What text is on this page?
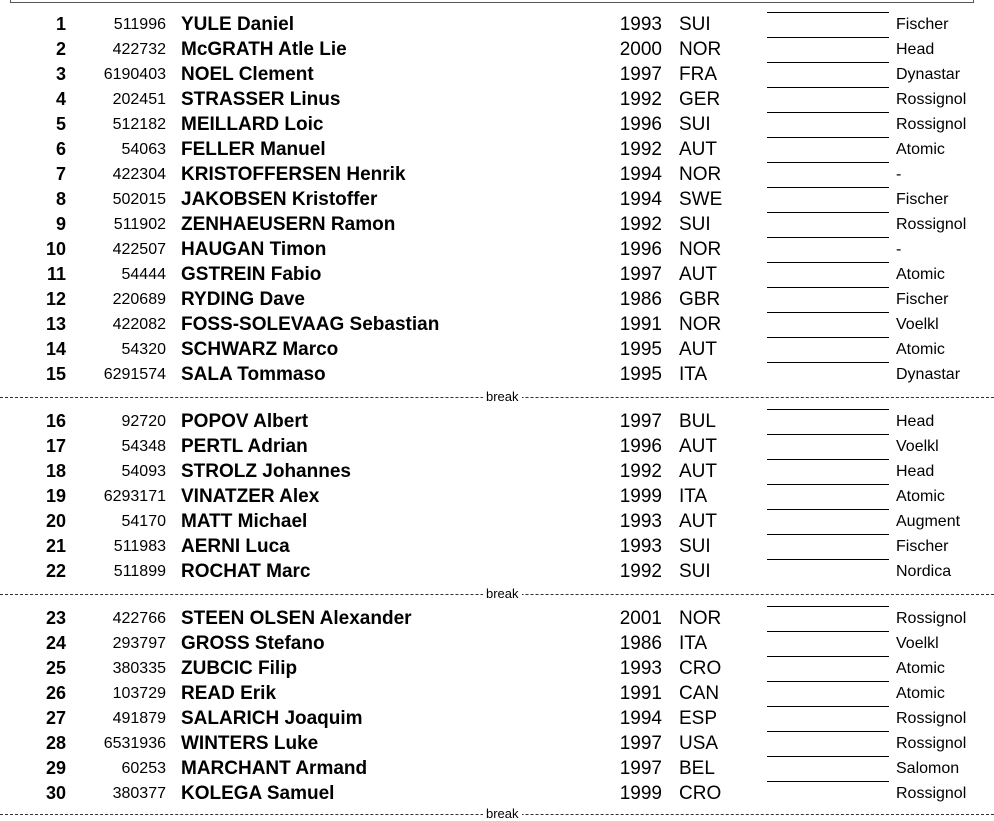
1	511996 YULE Daniel	1993 SUI	Fischer
2	422732 McGRATH Atle Lie	2000 NOR	Head
3	6190403 NOEL Clement	1997 FRA	Dynastar
4	202451 STRASSER Linus	1992 GER	Rossignol
5	512182 MEILLARD Loic	1996 SUI	Rossignol
6	54063 FELLER Manuel	1992 AUT	Atomic
7	422304 KRISTOFFERSEN Henrik	1994 NOR	-
8	502015 JAKOBSEN Kristoffer	1994 SWE	Fischer
9	511902 ZENHAEUSERN Ramon	1992 SUI	Rossignol
10	422507 HAUGAN Timon	1996 NOR	-
11	54444 GSTREIN Fabio	1997 AUT	Atomic
12	220689 RYDING Dave	1986 GBR	Fischer
13	422082 FOSS-SOLEVAAG Sebastian	1991 NOR	Voelkl
14	54320 SCHWARZ Marco	1995 AUT	Atomic
15	6291574 SALA Tommaso	1995 ITA	Dynastar
16	92720 POPOV Albert	1997 BUL	Head
17	54348 PERTL Adrian	1996 AUT	Voelkl
18	54093 STROLZ Johannes	1992 AUT	Head
19	6293171 VINATZER Alex	1999 ITA	Atomic
20	54170 MATT Michael	1993 AUT	Augment
21	511983 AERNI Luca	1993 SUI	Fischer
22	511899 ROCHAT Marc	1992 SUI	Nordica
23	422766 STEEN OLSEN Alexander	2001 NOR	Rossignol
24	293797 GROSS Stefano	1986 ITA	Voelkl
25	380335 ZUBCIC Filip	1993 CRO	Atomic
26	103729 READ Erik	1991 CAN	Atomic
27	491879 SALARICH Joaquim	1994 ESP	Rossignol
28	6531936 WINTERS Luke	1997 USA	Rossignol
29	60253 MARCHANT Armand	1997 BEL	Salomon
30	380377 KOLEGA Samuel	1999 CRO	Rossignol
break
break
break
